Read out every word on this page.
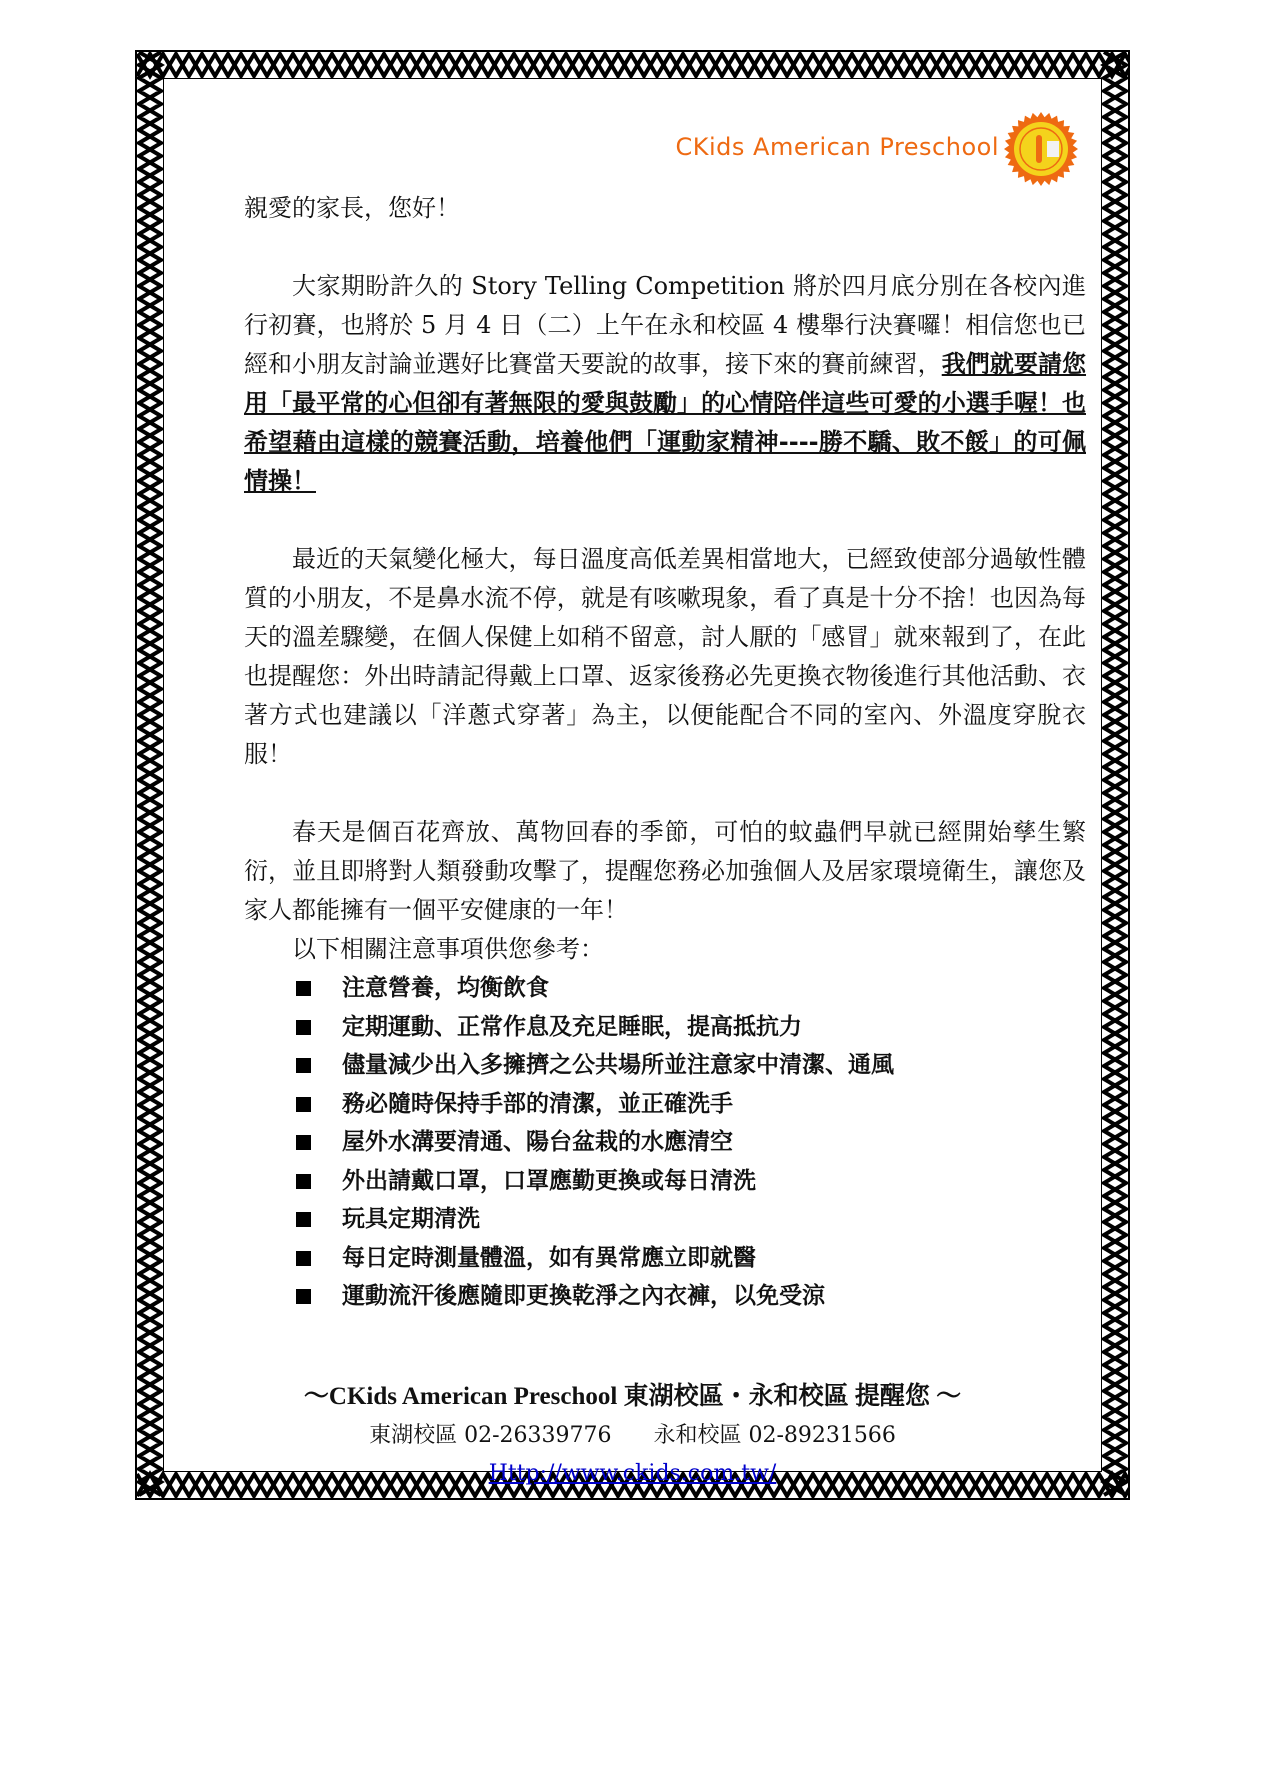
CKids American Preschool

親愛的家長，您好！

大家期盼許久的 Story Telling Competition 將於四月底分別在各校內進行初賽，也將於 5 月 4 日（二）上午在永和校區 4 樓舉行決賽囉！相信您也已經和小朋友討論並選好比賽當天要說的故事，接下來的賽前練習，我們就要請您用「最平常的心但卻有著無限的愛與鼓勵」的心情陪伴這些可愛的小選手喔！也希望藉由這樣的競賽活動，培養他們「運動家精神----勝不驕、敗不餒」的可佩情操！

最近的天氣變化極大，每日溫度高低差異相當地大，已經致使部分過敏性體質的小朋友，不是鼻水流不停，就是有咳嗽現象，看了真是十分不捨！也因為每天的溫差驟變，在個人保健上如稍不留意，討人厭的「感冒」就來報到了，在此也提醒您：外出時請記得戴上口罩、返家後務必先更換衣物後進行其他活動、衣著方式也建議以「洋蔥式穿著」為主，以便能配合不同的室內、外溫度穿脫衣服！

春天是個百花齊放、萬物回春的季節，可怕的蚊蟲們早就已經開始孳生繁衍，並且即將對人類發動攻擊了，提醒您務必加強個人及居家環境衛生，讓您及家人都能擁有一個平安健康的一年！

以下相關注意事項供您參考：

注意營養，均衡飲食
定期運動、正常作息及充足睡眠，提高抵抗力
儘量減少出入多擁擠之公共場所並注意家中清潔、通風
務必隨時保持手部的清潔，並正確洗手
屋外水溝要清通、陽台盆栽的水應清空
外出請戴口罩，口罩應勤更換或每日清洗
玩具定期清洗
每日定時測量體溫，如有異常應立即就醫
運動流汗後應隨即更換乾淨之內衣褲，以免受涼
～CKids American Preschool 東湖校區・永和校區 提醒您 ～
東湖校區 02-26339776      永和校區 02-89231566
Http://www.ckids.com.tw/
